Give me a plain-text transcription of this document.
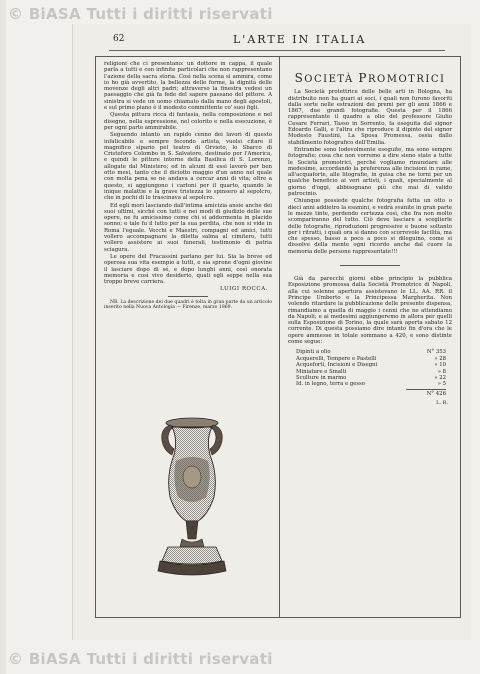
© BiASA Tutti i diritti riservati
62	L'ARTE IN ITALIA

religioni che ci presentano: un dottore in cappa, il quale parla a tutti e con infinite particolari che non rappresentano l'azione della sacra storia. Così nella scena si ammira, come io ho già avvertito, la bellezza delle forme, la dignità delle movenze degli altri padri; attraverso la finestra vedesi un paesaggio che già fa fede del sapere paesano del pittore. A sinistra si vede un uomo chiamato dalla mano degli apostoli, e sul primo piano è il modesto committente co' suoi figli.

Questa pittura ricca di fantasia, nella composizione e nel disegno, nella espressione, nel colorito e nella esecuzione, è per ogni parte ammirabile.

Seguendo intanto un rapido cenno dei lavori di questo infaticabile e sempre fecondo artista, vuolsi citare il magnifico sipario pel teatro di Orvieto, lo Sbarco di Cristoforo Colombo in S. Salvatore, destinato per l'America, e quindi le pitture interne della Basilica di S. Lorenzo, allogate dal Ministero; ed in alcuni di essi lavorò per ben otto mesi, tanto che il diciotto maggio d'un anno nel quale con molta pena se ne andava a cercar anni di vita; oltre a questo, si aggiungono i cartoni per il quarto, quando le inique malattie e la grave tristezza lo spinsero al sepolcro, che in pochi di lo trascinava al sepolcro.

Ed egli morì lasciando dall'intima amicizia ansie anche dei suoi ultimi, sicché con tutti e nei modi di giudizio delle sue opere, ne fu amicissimo come chi si addormenta in placido sonno; e tale fu il lutto per la sua perdita, che non si vide in Roma l'eguale. Vecchi e Maestri, compagni ed amici, tutti vollero accompagnare la diletta salma al cimitero, tutti vollero assistere ai suoi funerali, testimonio di patria sciagura.

Le opere del Fracassini parlano per lui. Sia la breve ed operosa sua vita esempio a tutti, e sia sprone d'ogni giovine il lasciare dopo di sé, e dopo lunghi anni, così onorata memoria e così vivo desiderio, quali egli seppe nella sua troppo breve carriera.

LUIGI ROCCA.
NB. La descrizione dei due quadri è tolta in gran parte da un articolo inserito nella Nuova Antologia — Firenze, marzo 1869.
SOCIETÀ PROMOTRICI

La Società protettrice delle belle arti in Bologna, ha distribuito non ha guari ai soci, i quali non furono favoriti dalla sorte nelle estrazioni dei premi per gli anni 1866 e 1867, due grandi fotografie. Questa per il 1866 rappresentante il quadro a olio del professore Giulio Cesare Ferrari, Tasso in Sorrento, fa eseguita dal signor Edoardo Galli, e l'altra che riproduce il dipinto del signor Modesto Faustini, La Sposa Promessa, ossia dallo stabilimento fotografico dell'Emilia.

Entrambe sono lodevolmente eseguite, ma sono sempre fotografie; cosa che non vorremo a dire sieno state a tutte le Società promotrici, perché vogliamo rinunziare alle medesime, accordando la preferenza alle incisioni in rame, all'acquaforte, alle litografie, in guisa che ne torni per un qualche beneficio ai veri artisti, i quali, specialmente al giorno d'oggi, abbisognano più che mai di valido patrocinio.

Chiunque possiede qualche fotografia fatta un otto o dieci anni addietro la esamini, e vedrà svanite in gran parte le mezze tinte, perdendo certezza così, che fra non molto scompariranno del tutto. Ciò deve lasciare a sceglierle delle fotografie, riproduzioni progressive e buone soltanto per i ritratti, i quali ora si danno con scorrevole facilità, ma che spesso, basso a poco a poco si dileguino, come si dissolve della mente ogni ricordo anche dal cuore la memoria delle persone rappresentate!!!

Già da parecchi giorni ebbe principio la pubblica Esposizione promossa dalla Società Promotrice di Napoli, alla cui solenne apertura assistevano le LL. AA. RR. il Principe Umberto e la Principessa Margherita. Non volendo ritardare la pubblicazione delle presente dispensa, rimandiamo a quella di maggio i cenni che ne attendiamo da Napoli; e ai medesimi aggiungeremo in allora per quelli sulla Esposizione di Torino, la quale sarà aperta sabato 12 corrente. Di questa possiamo dire intanto fin d'ora che le opere ammesse in totale sommano a 420, e sono distinte come segue:

Dipinti a olio	N° 353
Acquerelli, Tempere e Pastelli	» 28
Acqueforti, Incisioni e Disegni	» 10
Miniature e Smalti	» 8
Sculture in marmo	» 22
Id. in legno, terra e gesso	» 5
N° 426
L. R.
© BiASA Tutti i diritti riservati
